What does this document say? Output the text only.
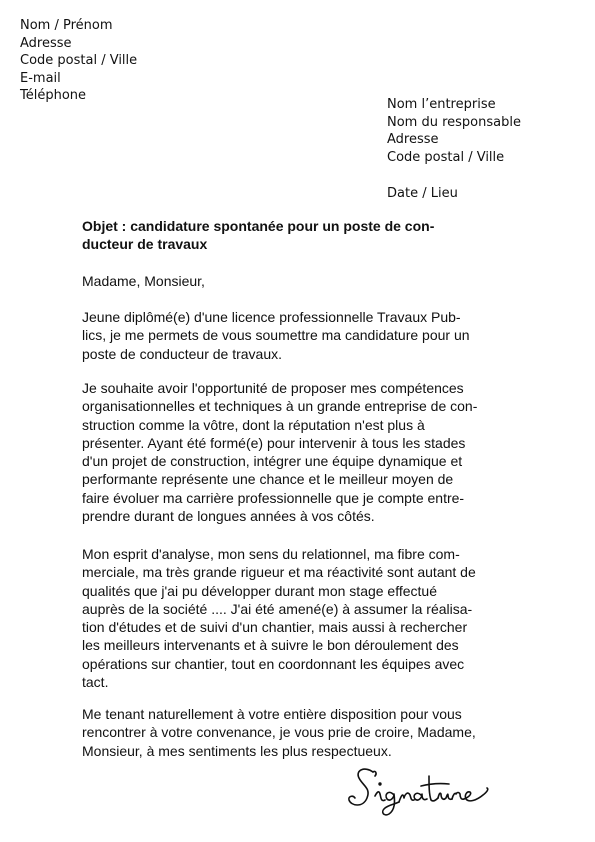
Nom / Prénom
Adresse
Code postal / Ville
E-mail
Téléphone
Nom l’entreprise
Nom du responsable
Adresse
Code postal / Ville
Date / Lieu
Objet : candidature spontanée pour un poste de con-
ducteur de travaux
Madame, Monsieur,
Jeune diplômé(e) d'une licence professionnelle Travaux Pub-
lics, je me permets de vous soumettre ma candidature pour un
poste de conducteur de travaux.
Je souhaite avoir l'opportunité de proposer mes compétences
organisationnelles et techniques à un grande entreprise de con-
struction comme la vôtre, dont la réputation n'est plus à
présenter. Ayant été formé(e) pour intervenir à tous les stades
d'un projet de construction, intégrer une équipe dynamique et
performante représente une chance et le meilleur moyen de
faire évoluer ma carrière professionnelle que je compte entre-
prendre durant de longues années à vos côtés.
Mon esprit d'analyse, mon sens du relationnel, ma fibre com-
merciale, ma très grande rigueur et ma réactivité sont autant de
qualités que j'ai pu développer durant mon stage effectué
auprès de la société .... J'ai été amené(e) à assumer la réalisa-
tion d'études et de suivi d'un chantier, mais aussi à rechercher
les meilleurs intervenants et à suivre le bon déroulement des
opérations sur chantier, tout en coordonnant les équipes avec
tact.
Me tenant naturellement à votre entière disposition pour vous
rencontrer à votre convenance, je vous prie de croire, Madame,
Monsieur, à mes sentiments les plus respectueux.
